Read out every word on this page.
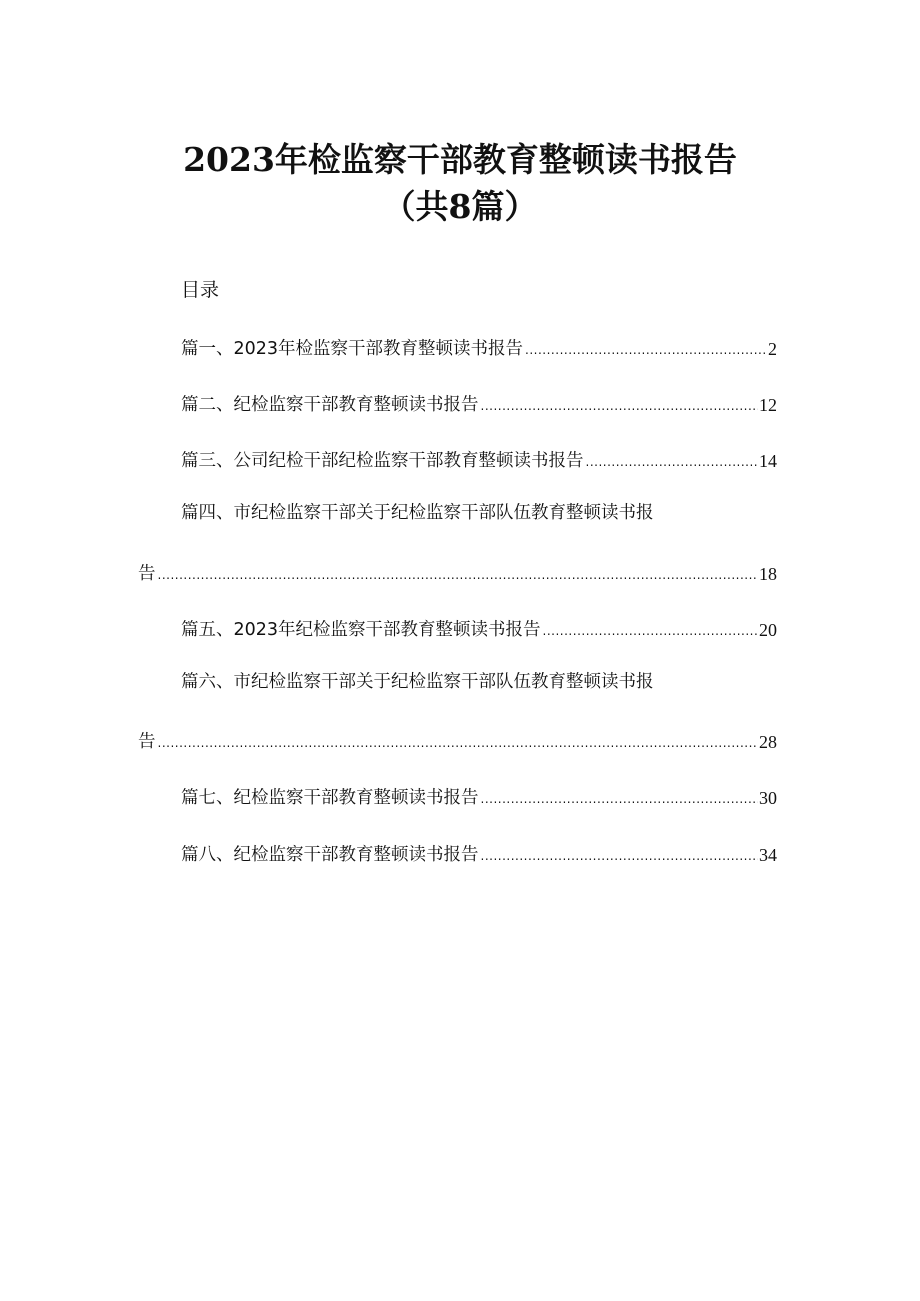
2023年检监察干部教育整顿读书报告
（共8篇）
目录
篇一、2023年检监察干部教育整顿读书报告 .....	2
篇二、纪检监察干部教育整顿读书报告 .....	12
篇三、公司纪检干部纪检监察干部教育整顿读书报告 .....	14
篇四、市纪检监察干部关于纪检监察干部队伍教育整顿读书报
告 .....	18
篇五、2023年纪检监察干部教育整顿读书报告 .....	20
篇六、市纪检监察干部关于纪检监察干部队伍教育整顿读书报
告 .....	28
篇七、纪检监察干部教育整顿读书报告 .....	30
篇八、纪检监察干部教育整顿读书报告 .....	34
